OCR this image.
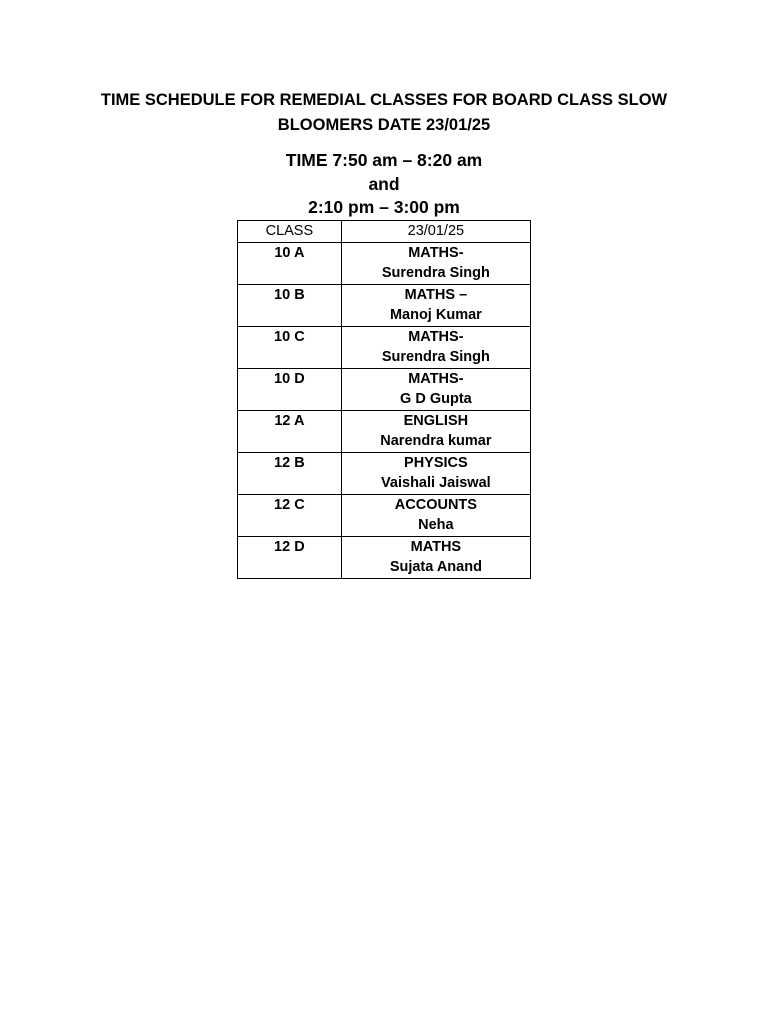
TIME SCHEDULE FOR REMEDIAL CLASSES FOR BOARD CLASS SLOW
BLOOMERS DATE 23/01/25
TIME 7:50 am – 8:20 am
and
2:10 pm – 3:00 pm
CLASS	23/01/25
10 A	MATHS-
Surendra Singh

10 B	MATHS –
Manoj Kumar

10 C	MATHS-
Surendra Singh

10 D	MATHS-
G D Gupta

12 A	ENGLISH
Narendra kumar

12 B	PHYSICS
Vaishali Jaiswal

12 C	ACCOUNTS
Neha

12 D	MATHS
Sujata Anand
